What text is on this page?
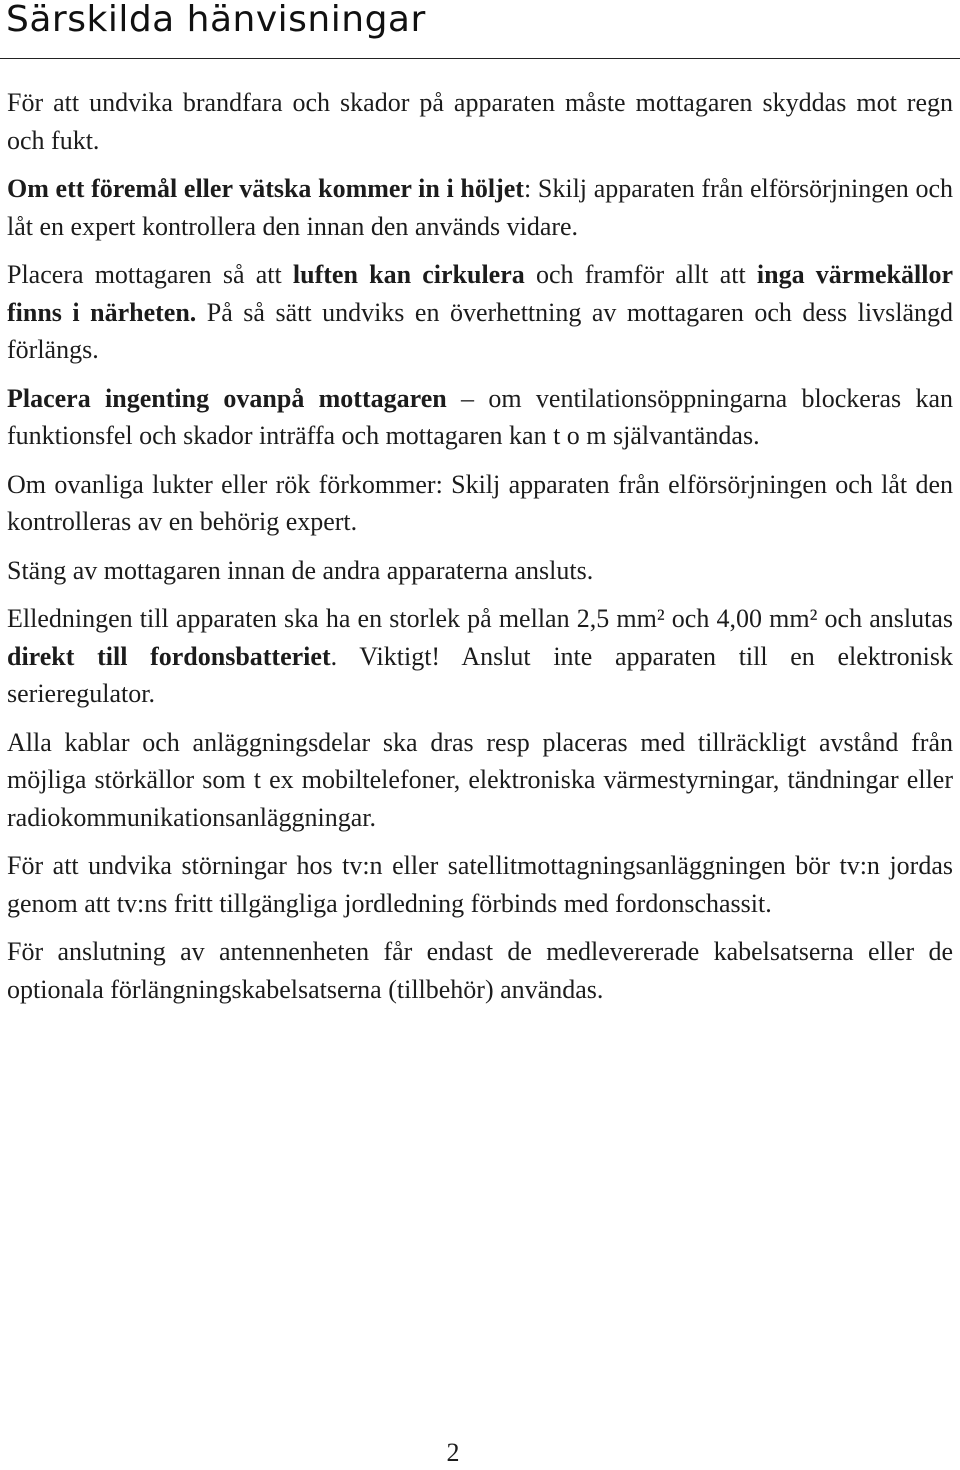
Särskilda hänvisningar

För att undvika brandfara och skador på apparaten måste mottagaren skyddas mot regn och fukt.

Om ett föremål eller vätska kommer in i höljet: Skilj apparaten från elförsörjningen och låt en expert kontrollera den innan den används vidare.

Placera mottagaren så att luften kan cirkulera och framför allt att inga värmekällor finns i närheten. På så sätt undviks en överhettning av mottagaren och dess livslängd förlängs.

Placera ingenting ovanpå mottagaren – om ventilationsöppningarna blockeras kan funktionsfel och skador inträffa och mottagaren kan t o m självantändas.

Om ovanliga lukter eller rök förkommer: Skilj apparaten från elförsörjningen och låt den kontrolleras av en behörig expert.

Stäng av mottagaren innan de andra apparaterna ansluts.

Elledningen till apparaten ska ha en storlek på mellan 2,5 mm² och 4,00 mm² och anslutas direkt till fordonsbatteriet. Viktigt! Anslut inte apparaten till en elektronisk serieregulator.

Alla kablar och anläggningsdelar ska dras resp placeras med tillräckligt avstånd från möjliga störkällor som t ex mobiltelefoner, elektroniska värmestyrningar, tändningar eller radiokommunikationsanläggningar.

För att undvika störningar hos tv:n eller satellitmottagningsanläggningen bör tv:n jordas genom att tv:ns fritt tillgängliga jordledning förbinds med fordonschassit.

För anslutning av antennenheten får endast de medlevererade kabelsatserna eller de optionala förlängningskabelsatserna (tillbehör) användas.

2
